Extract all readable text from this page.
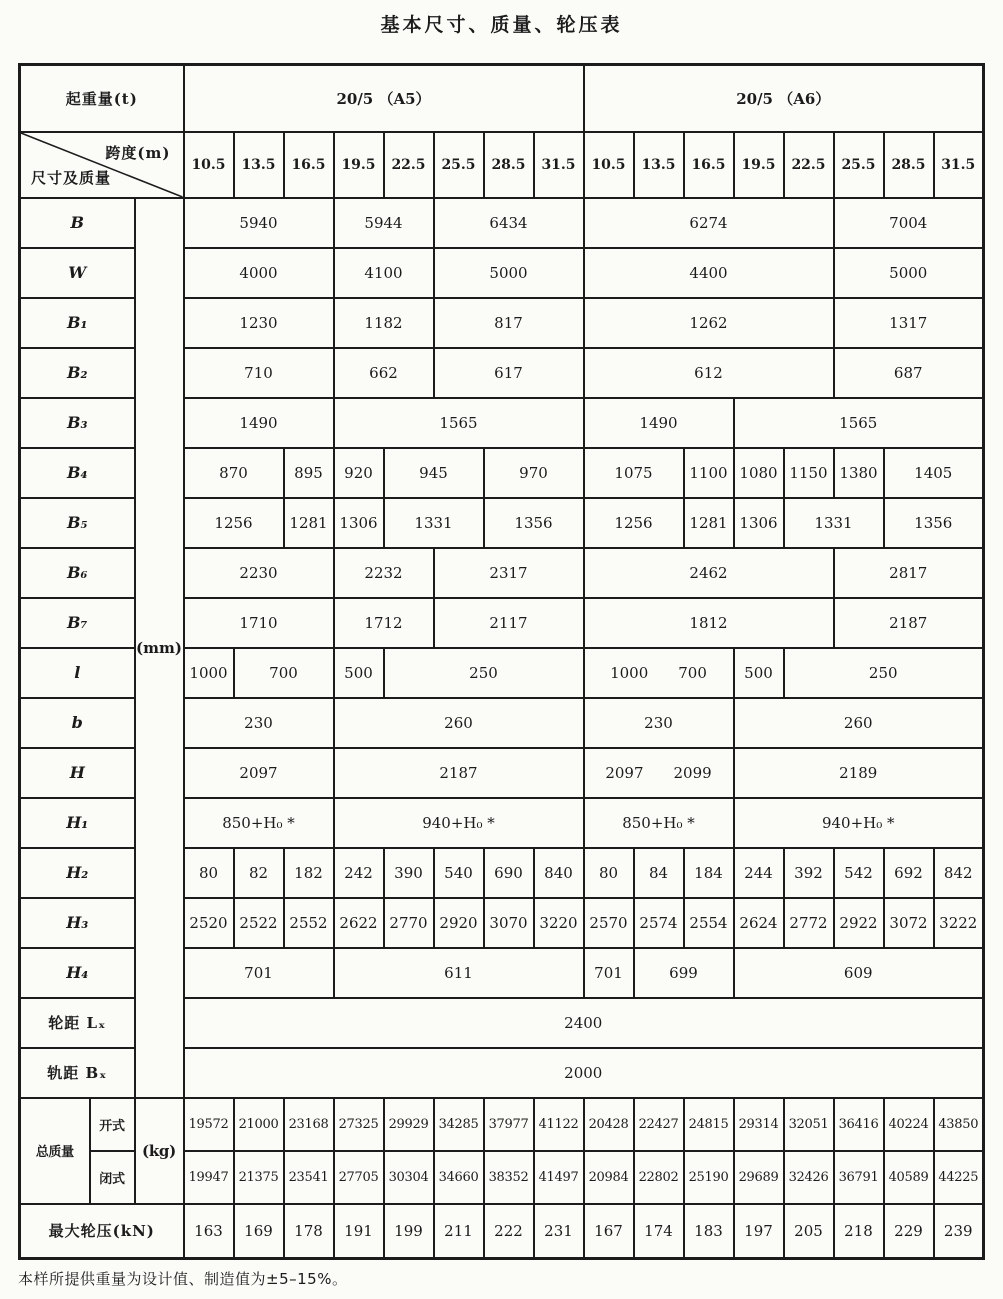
基本尺寸、质量、轮压表
起重量(t)			20/5 （A5）								20/5 （A6）							

跨度(m)
尺寸及质量			10.5	13.5	16.5	19.5	22.5	25.5	28.5	31.5	10.5	13.5	16.5	19.5	22.5	25.5	28.5	31.5
B		(mm)	5940			5944		6434			6274					7004		
W			4000			4100		5000			4400					5000		
B₁			1230			1182		817			1262					1317		
B₂			710			662		617			612					687		
B₃			1490			1565					1490			1565				
B₄			870		895	920	945		970		1075		1100	1080	1150	1380	1405	
B₅			1256		1281	1306	1331		1356		1256		1281	1306	1331		1356	
B₆			2230			2232		2317			2462					2817		
B₇			1710			1712		2117			1812					2187		
l			1000	700		500	250				1000　　700			500	250			
b			230			260					230			260				
H			2097			2187					2097　　2099			2189				
H₁			850+H₀ *			940+H₀ *					850+H₀ *			940+H₀ *				
H₂			80	82	182	242	390	540	690	840	80	84	184	244	392	542	692	842
H₃			2520	2522	2552	2622	2770	2920	3070	3220	2570	2574	2554	2624	2772	2922	3072	3222
H₄			701			611					701	699		609				
轮距 Lₓ			2400															
轨距 Bₓ			2000															
总质量	开式	(kg)	19572	21000	23168	27325	29929	34285	37977	41122	20428	22427	24815	29314	32051	36416	40224	43850
	闭式		19947	21375	23541	27705	30304	34660	38352	41497	20984	22802	25190	29689	32426	36791	40589	44225
最大轮压(kN)			163	169	178	191	199	211	222	231	167	174	183	197	205	218	229	239
本样所提供重量为设计值、制造值为±5–15%。
